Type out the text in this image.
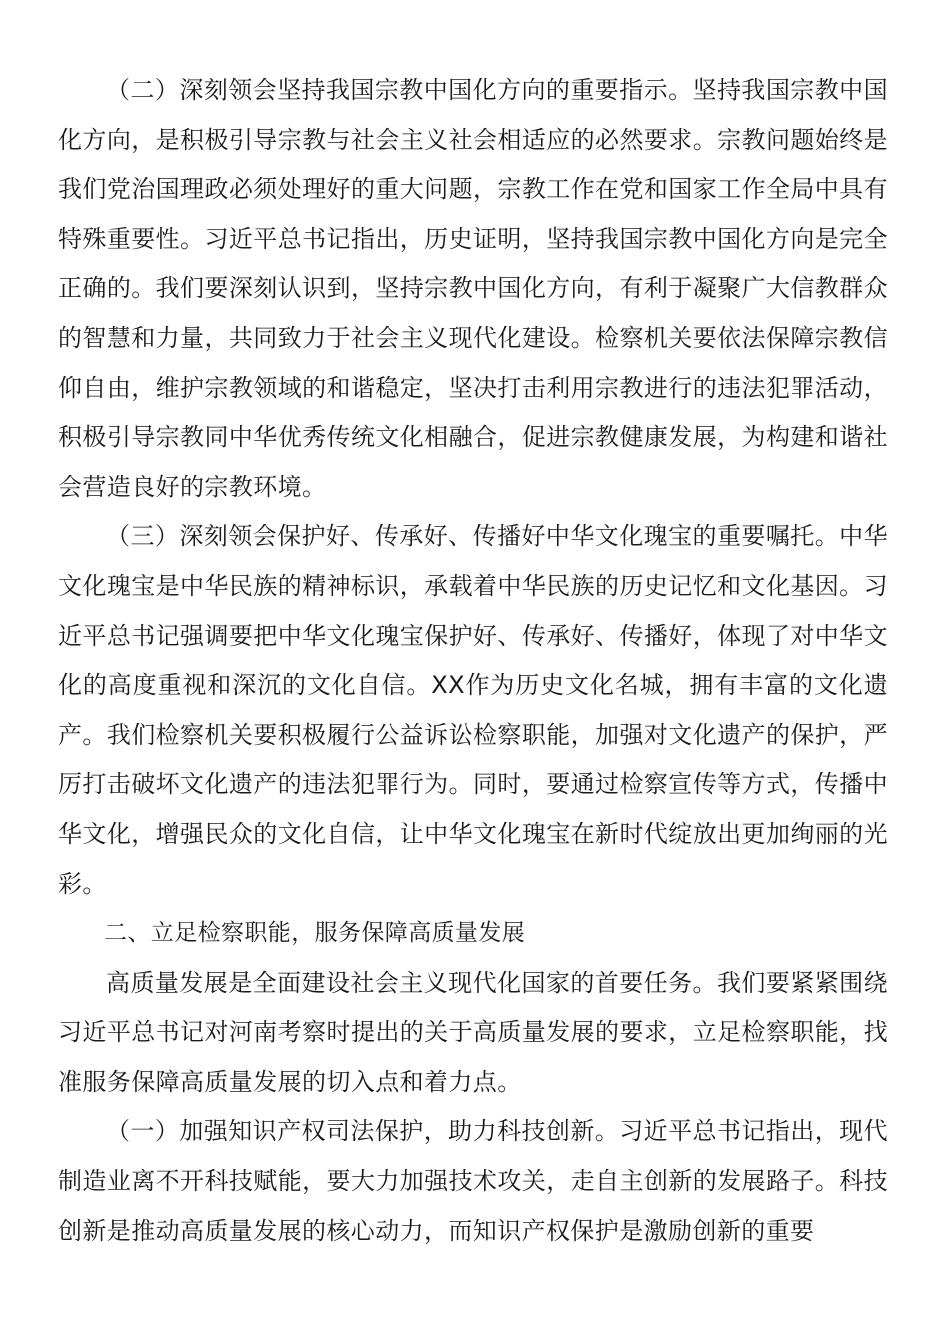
（二）深刻领会坚持我国宗教中国化方向的重要指示。坚持我国宗教中国化方向，是积极引导宗教与社会主义社会相适应的必然要求。宗教问题始终是我们党治国理政必须处理好的重大问题，宗教工作在党和国家工作全局中具有特殊重要性。习近平总书记指出，历史证明，坚持我国宗教中国化方向是完全正确的。我们要深刻认识到，坚持宗教中国化方向，有利于凝聚广大信教群众的智慧和力量，共同致力于社会主义现代化建设。检察机关要依法保障宗教信仰自由，维护宗教领域的和谐稳定，坚决打击利用宗教进行的违法犯罪活动，积极引导宗教同中华优秀传统文化相融合，促进宗教健康发展，为构建和谐社会营造良好的宗教环境。

（三）深刻领会保护好、传承好、传播好中华文化瑰宝的重要嘱托。中华文化瑰宝是中华民族的精神标识，承载着中华民族的历史记忆和文化基因。习近平总书记强调要把中华文化瑰宝保护好、传承好、传播好，体现了对中华文化的高度重视和深沉的文化自信。XX作为历史文化名城，拥有丰富的文化遗产。我们检察机关要积极履行公益诉讼检察职能，加强对文化遗产的保护，严厉打击破坏文化遗产的违法犯罪行为。同时，要通过检察宣传等方式，传播中华文化，增强民众的文化自信，让中华文化瑰宝在新时代绽放出更加绚丽的光彩。

二、立足检察职能，服务保障高质量发展

高质量发展是全面建设社会主义现代化国家的首要任务。我们要紧紧围绕习近平总书记对河南考察时提出的关于高质量发展的要求，立足检察职能，找准服务保障高质量发展的切入点和着力点。

（一）加强知识产权司法保护，助力科技创新。习近平总书记指出，现代制造业离不开科技赋能，要大力加强技术攻关，走自主创新的发展路子。科技创新是推动高质量发展的核心动力，而知识产权保护是激励创新的重要
